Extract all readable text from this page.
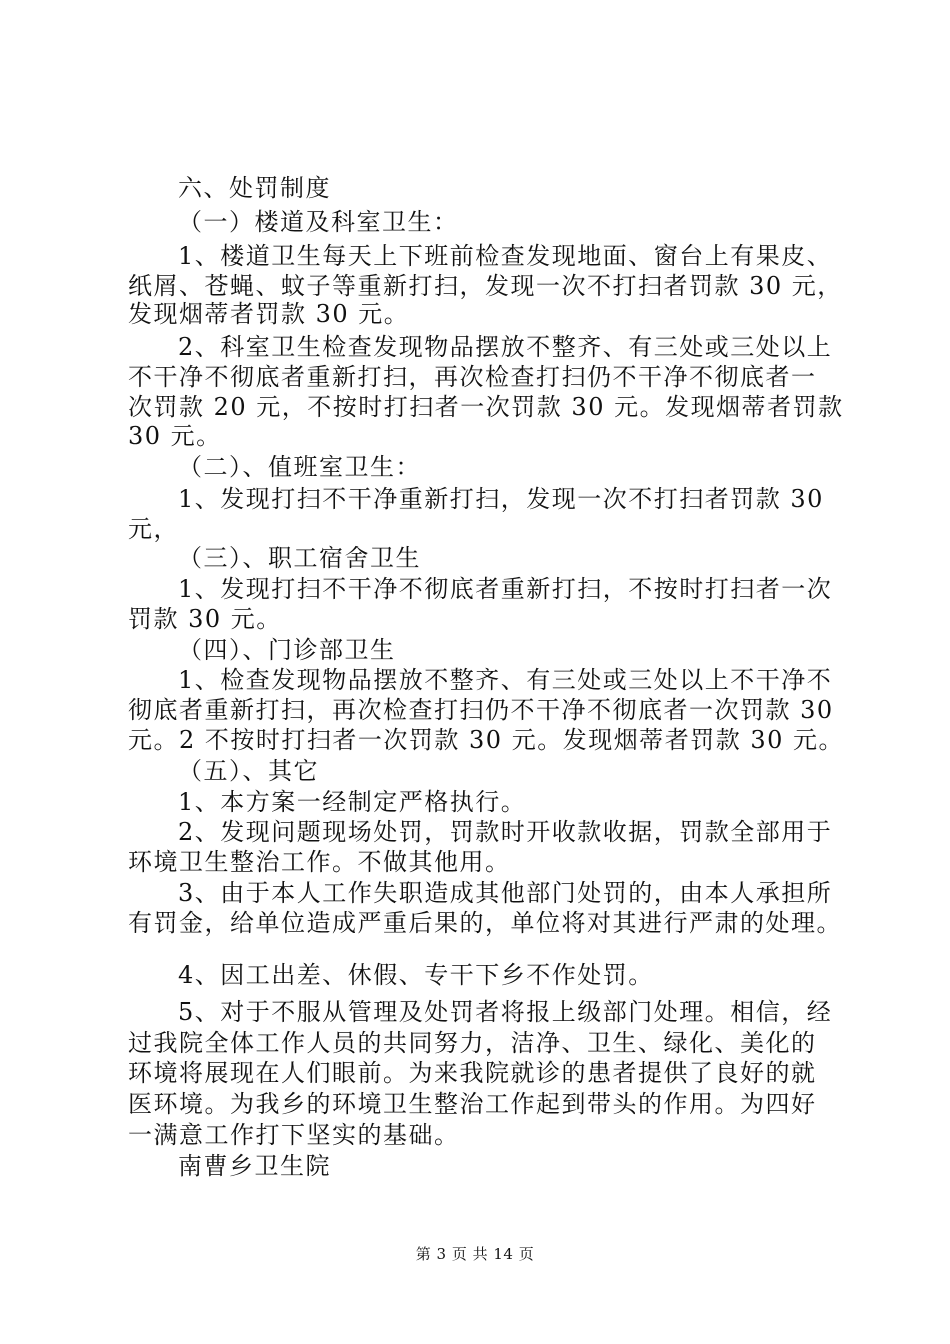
六、处罚制度
（一）楼道及科室卫生：
1、楼道卫生每天上下班前检查发现地面、窗台上有果皮、
纸屑、苍蝇、蚊子等重新打扫，发现一次不打扫者罚款 30 元，
发现烟蒂者罚款 30 元。
2、科室卫生检查发现物品摆放不整齐、有三处或三处以上
不干净不彻底者重新打扫，再次检查打扫仍不干净不彻底者一
次罚款 20 元，不按时打扫者一次罚款 30 元。发现烟蒂者罚款
30 元。
（二）、值班室卫生：
1、发现打扫不干净重新打扫，发现一次不打扫者罚款 30
元，
（三）、职工宿舍卫生
1、发现打扫不干净不彻底者重新打扫，不按时打扫者一次
罚款 30 元。
（四）、门诊部卫生
1、检查发现物品摆放不整齐、有三处或三处以上不干净不
彻底者重新打扫，再次检查打扫仍不干净不彻底者一次罚款 30
元。2 不按时打扫者一次罚款 30 元。发现烟蒂者罚款 30 元。
（五）、其它
1、本方案一经制定严格执行。
2、发现问题现场处罚，罚款时开收款收据，罚款全部用于
环境卫生整治工作。不做其他用。
3、由于本人工作失职造成其他部门处罚的，由本人承担所
有罚金，给单位造成严重后果的，单位将对其进行严肃的处理。
4、因工出差、休假、专干下乡不作处罚。
5、对于不服从管理及处罚者将报上级部门处理。相信，经
过我院全体工作人员的共同努力，洁净、卫生、绿化、美化的
环境将展现在人们眼前。为来我院就诊的患者提供了良好的就
医环境。为我乡的环境卫生整治工作起到带头的作用。为四好
一满意工作打下坚实的基础。
南曹乡卫生院
第 3 页 共 14 页
